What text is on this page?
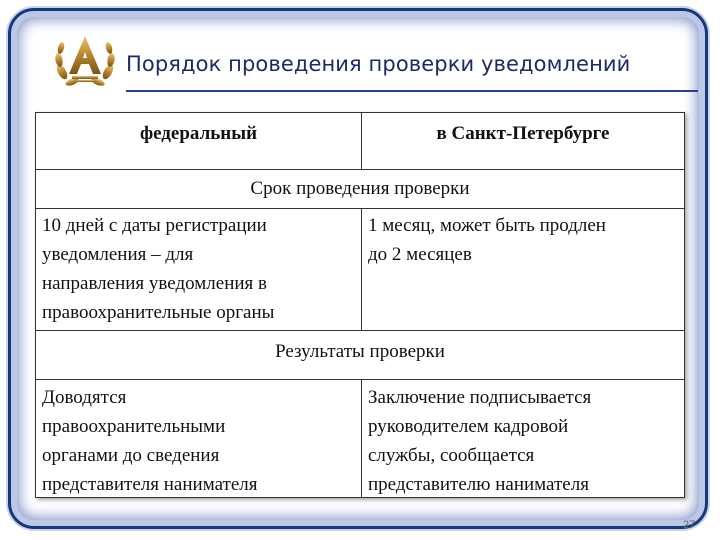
Порядок проведения проверки уведомлений
федеральный	в Санкт-Петербурге
Срок проведения проверки
10 дней с даты регистрации
уведомления – для
направления уведомления в
правоохранительные органы
1 месяц, может быть продлен
до 2 месяцев
Результаты проверки
Доводятся
правоохранительными
органами до сведения
представителя нанимателя
Заключение подписывается
руководителем кадровой
службы, сообщается
представителю нанимателя
27
